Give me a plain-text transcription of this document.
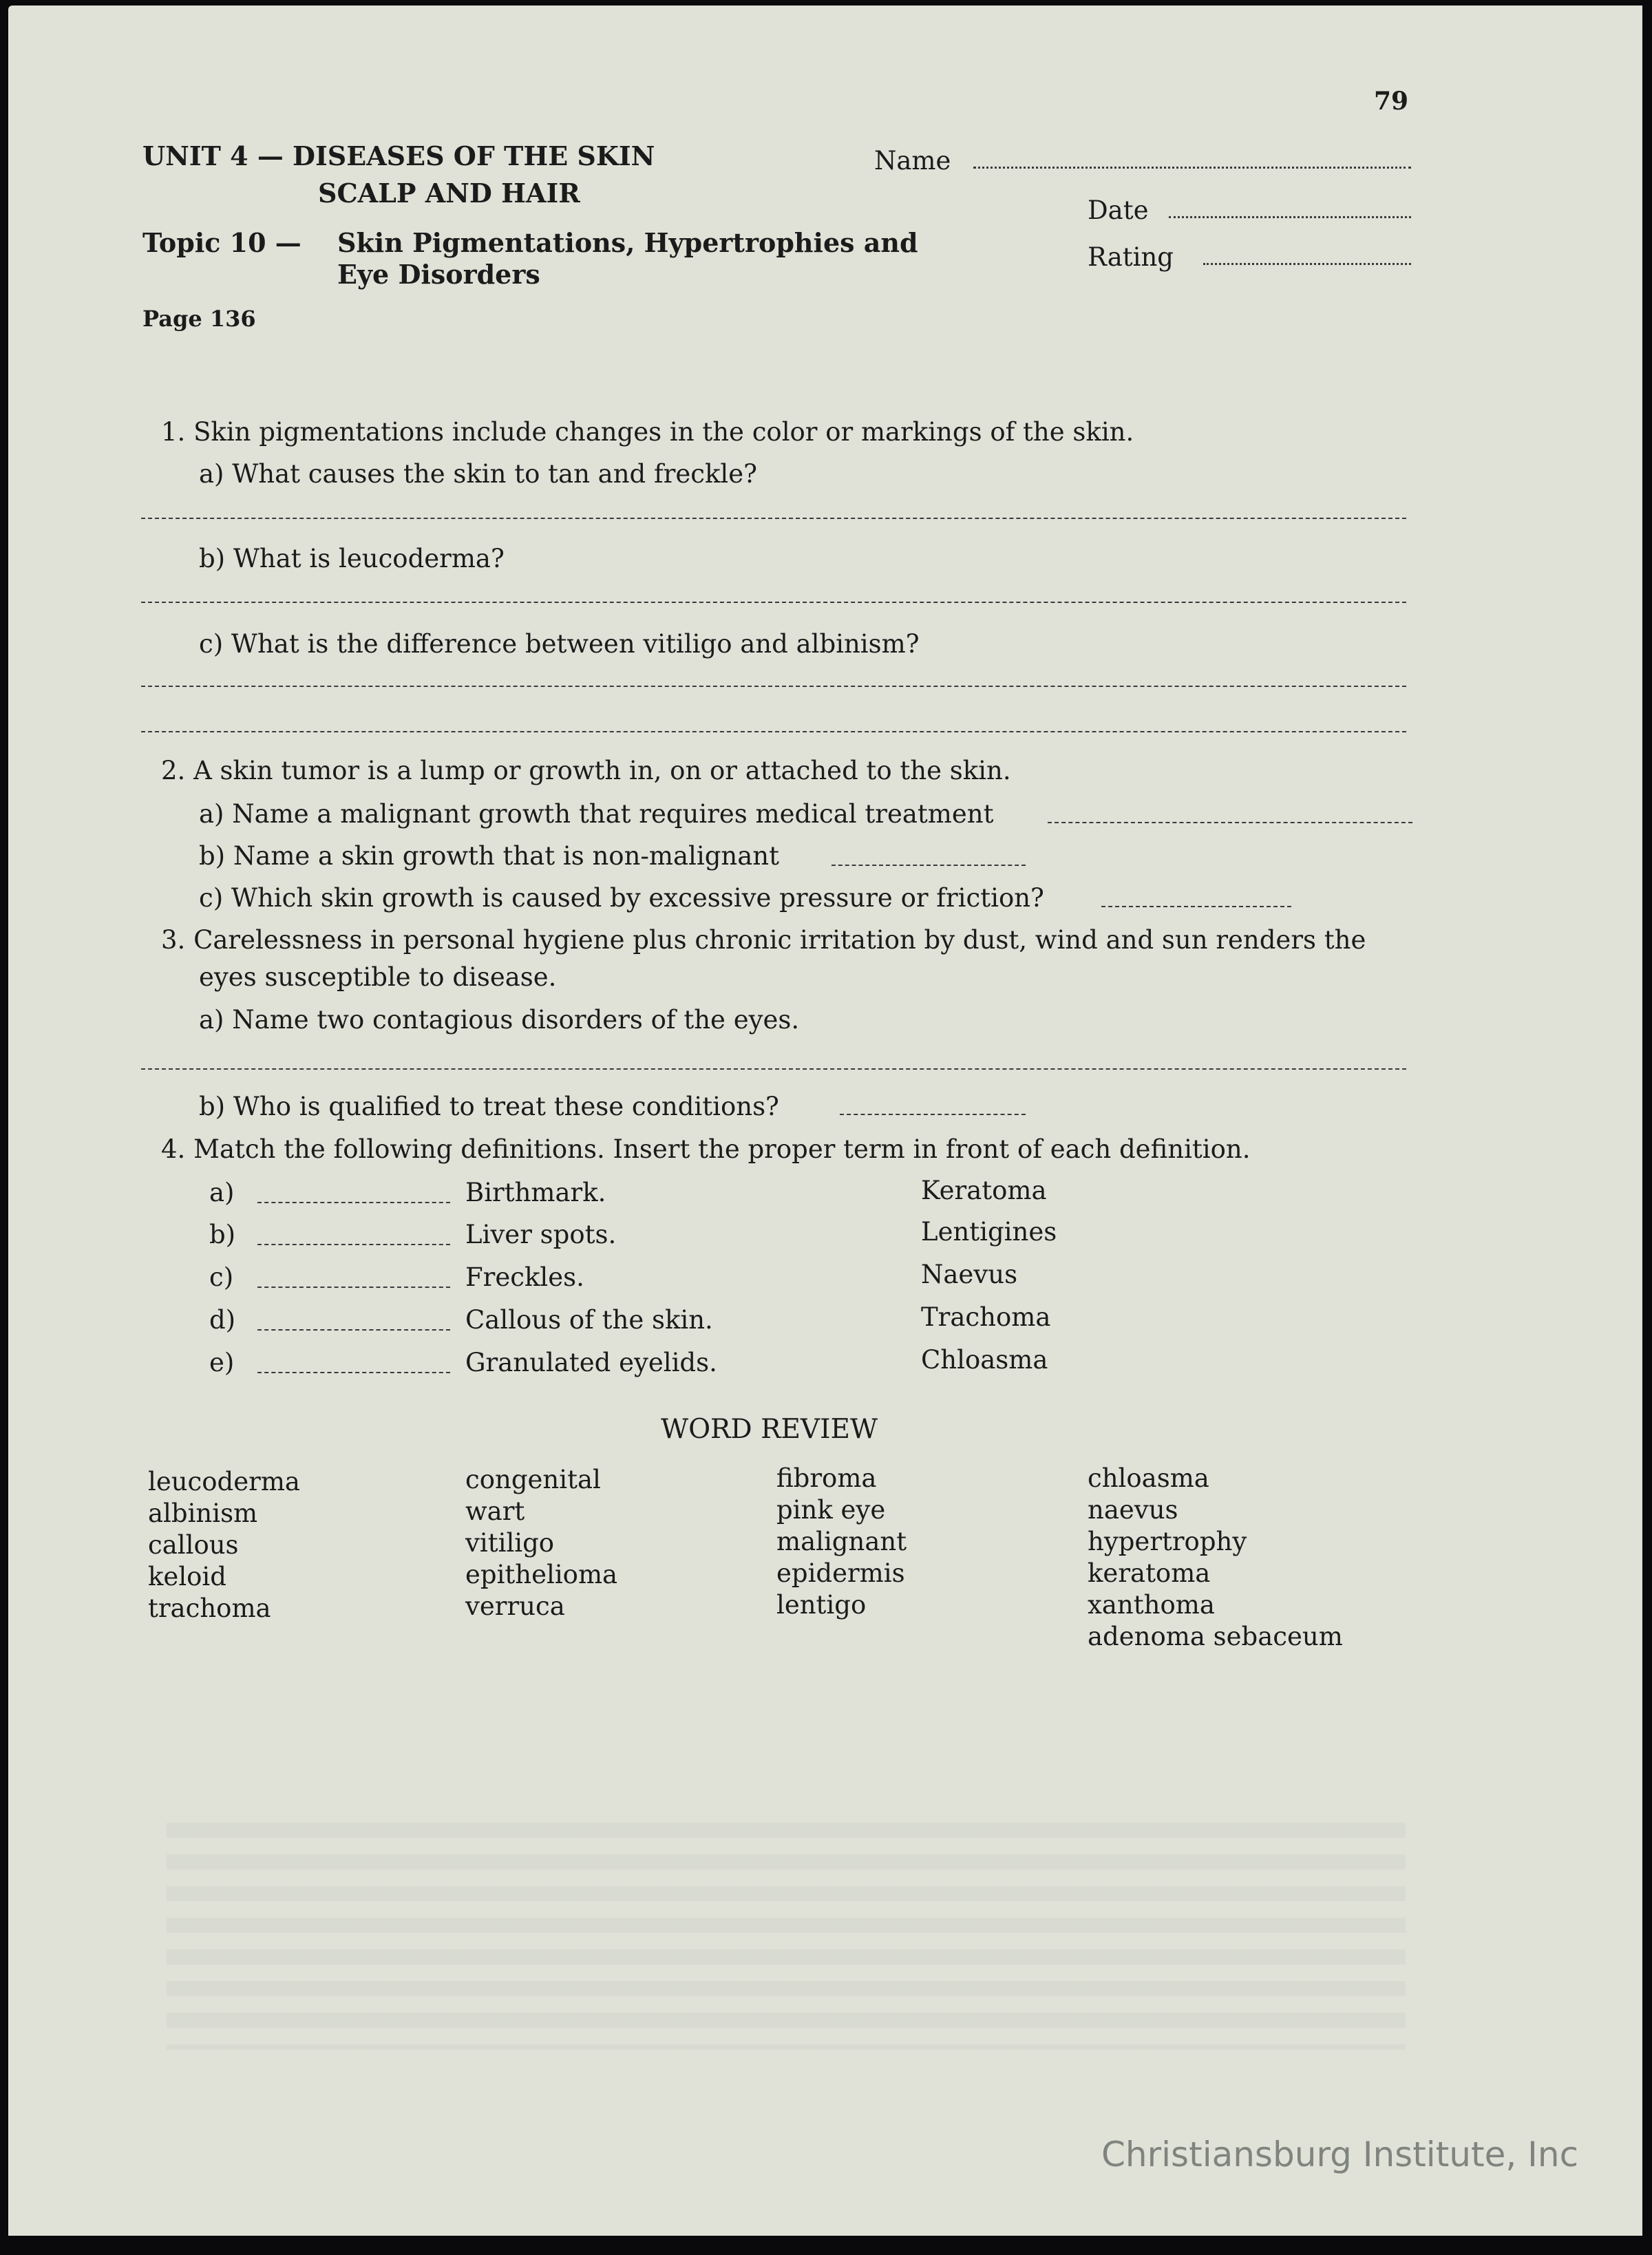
79
UNIT 4 — DISEASES OF THE SKIN
SCALP AND HAIR
Topic 10 — Skin Pigmentations, Hypertrophies and
Eye Disorders
Page 136
Name
Date
Rating
1. Skin pigmentations include changes in the color or markings of the skin.
a) What causes the skin to tan and freckle?
b) What is leucoderma?
c) What is the difference between vitiligo and albinism?
2. A skin tumor is a lump or growth in, on or attached to the skin.
a) Name a malignant growth that requires medical treatment
b) Name a skin growth that is non-malignant
c) Which skin growth is caused by excessive pressure or friction?
3. Carelessness in personal hygiene plus chronic irritation by dust, wind and sun renders the
eyes susceptible to disease.
a) Name two contagious disorders of the eyes.
b) Who is qualified to treat these conditions?
4. Match the following definitions. Insert the proper term in front of each definition.
a)	Birthmark.	Keratoma
b)	Liver spots.	Lentigines
c)	Freckles.	Naevus
d)	Callous of the skin.	Trachoma
e)	Granulated eyelids.	Chloasma
WORD REVIEW
leucoderma
albinism
callous
keloid
trachoma
congenital
wart
vitiligo
epithelioma
verruca
fibroma
pink eye
malignant
epidermis
lentigo
chloasma
naevus
hypertrophy
keratoma
xanthoma
adenoma sebaceum
Christiansburg Institute, Inc
